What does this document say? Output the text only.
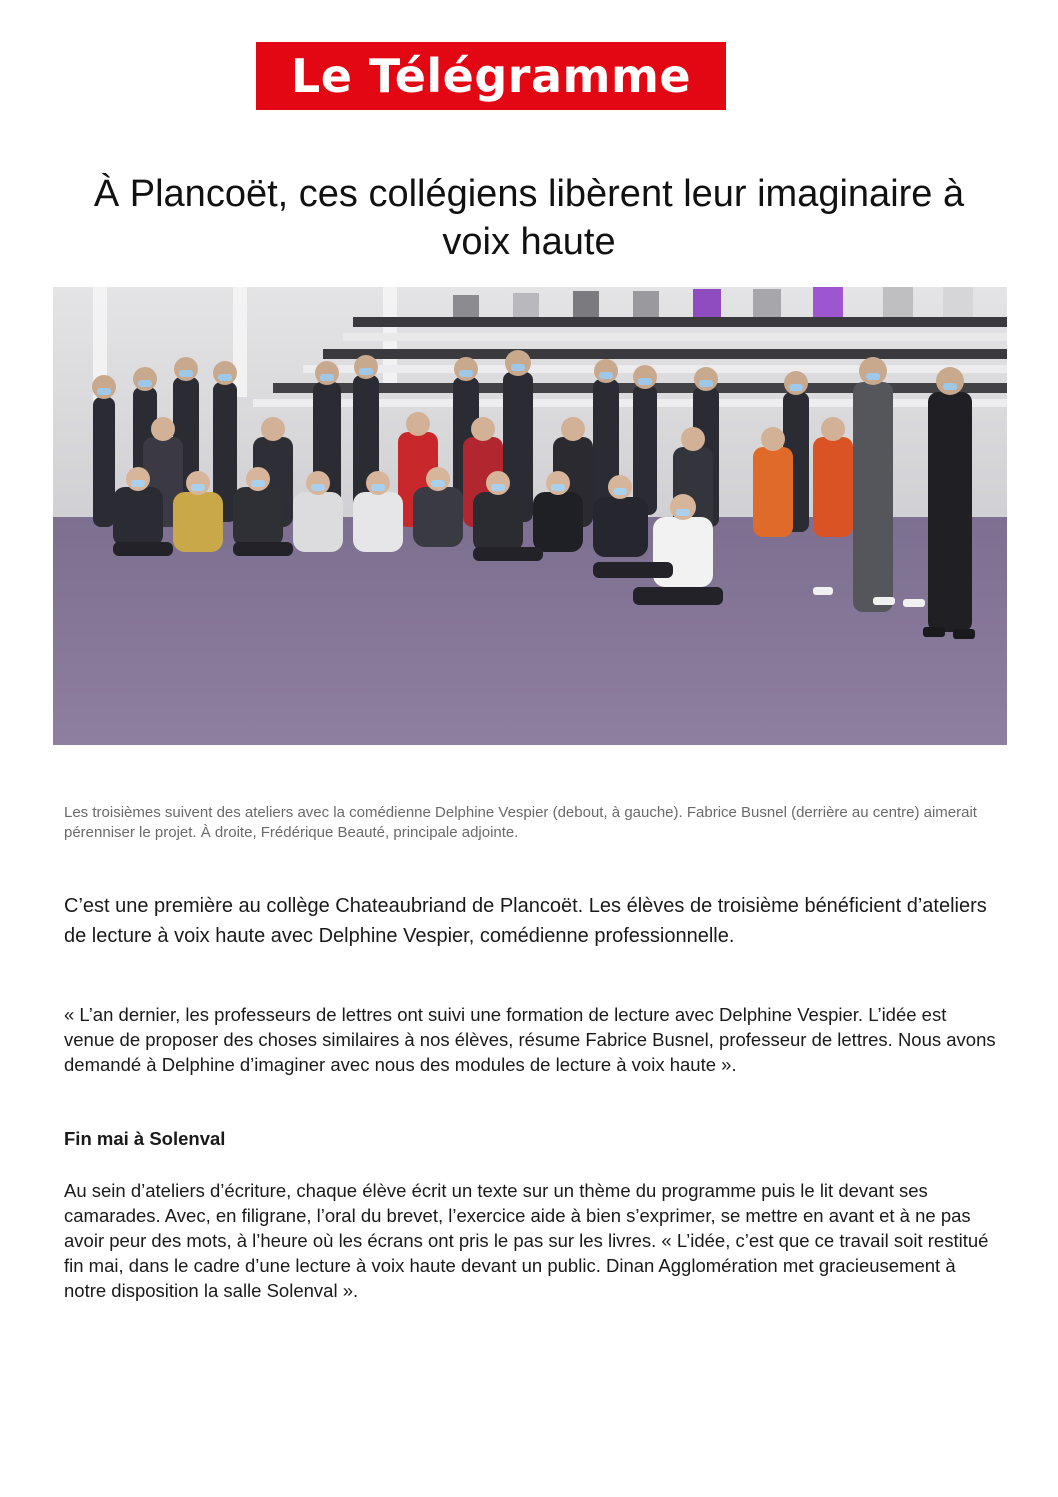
Le Télégramme
À Plancoët, ces collégiens libèrent leur imaginaire à voix haute

Les troisièmes suivent des ateliers avec la comédienne Delphine Vespier (debout, à gauche). Fabrice Busnel (derrière au centre) aimerait pérenniser le projet. À droite, Frédérique Beauté, principale adjointe.

C’est une première au collège Chateaubriand de Plancoët. Les élèves de troisième bénéficient d’ateliers de lecture à voix haute avec Delphine Vespier, comédienne professionnelle.

« L’an dernier, les professeurs de lettres ont suivi une formation de lecture avec Delphine Vespier. L’idée est venue de proposer des choses similaires à nos élèves, résume Fabrice Busnel, professeur de lettres. Nous avons demandé à Delphine d’imaginer avec nous des modules de lecture à voix haute ».

Fin mai à Solenval

Au sein d’ateliers d’écriture, chaque élève écrit un texte sur un thème du programme puis le lit devant ses camarades. Avec, en filigrane, l’oral du brevet, l’exercice aide à bien s’exprimer, se mettre en avant et à ne pas avoir peur des mots, à l’heure où les écrans ont pris le pas sur les livres. « L’idée, c’est que ce travail soit restitué fin mai, dans le cadre d’une lecture à voix haute devant un public. Dinan Agglomération met gracieusement à notre disposition la salle Solenval ».
